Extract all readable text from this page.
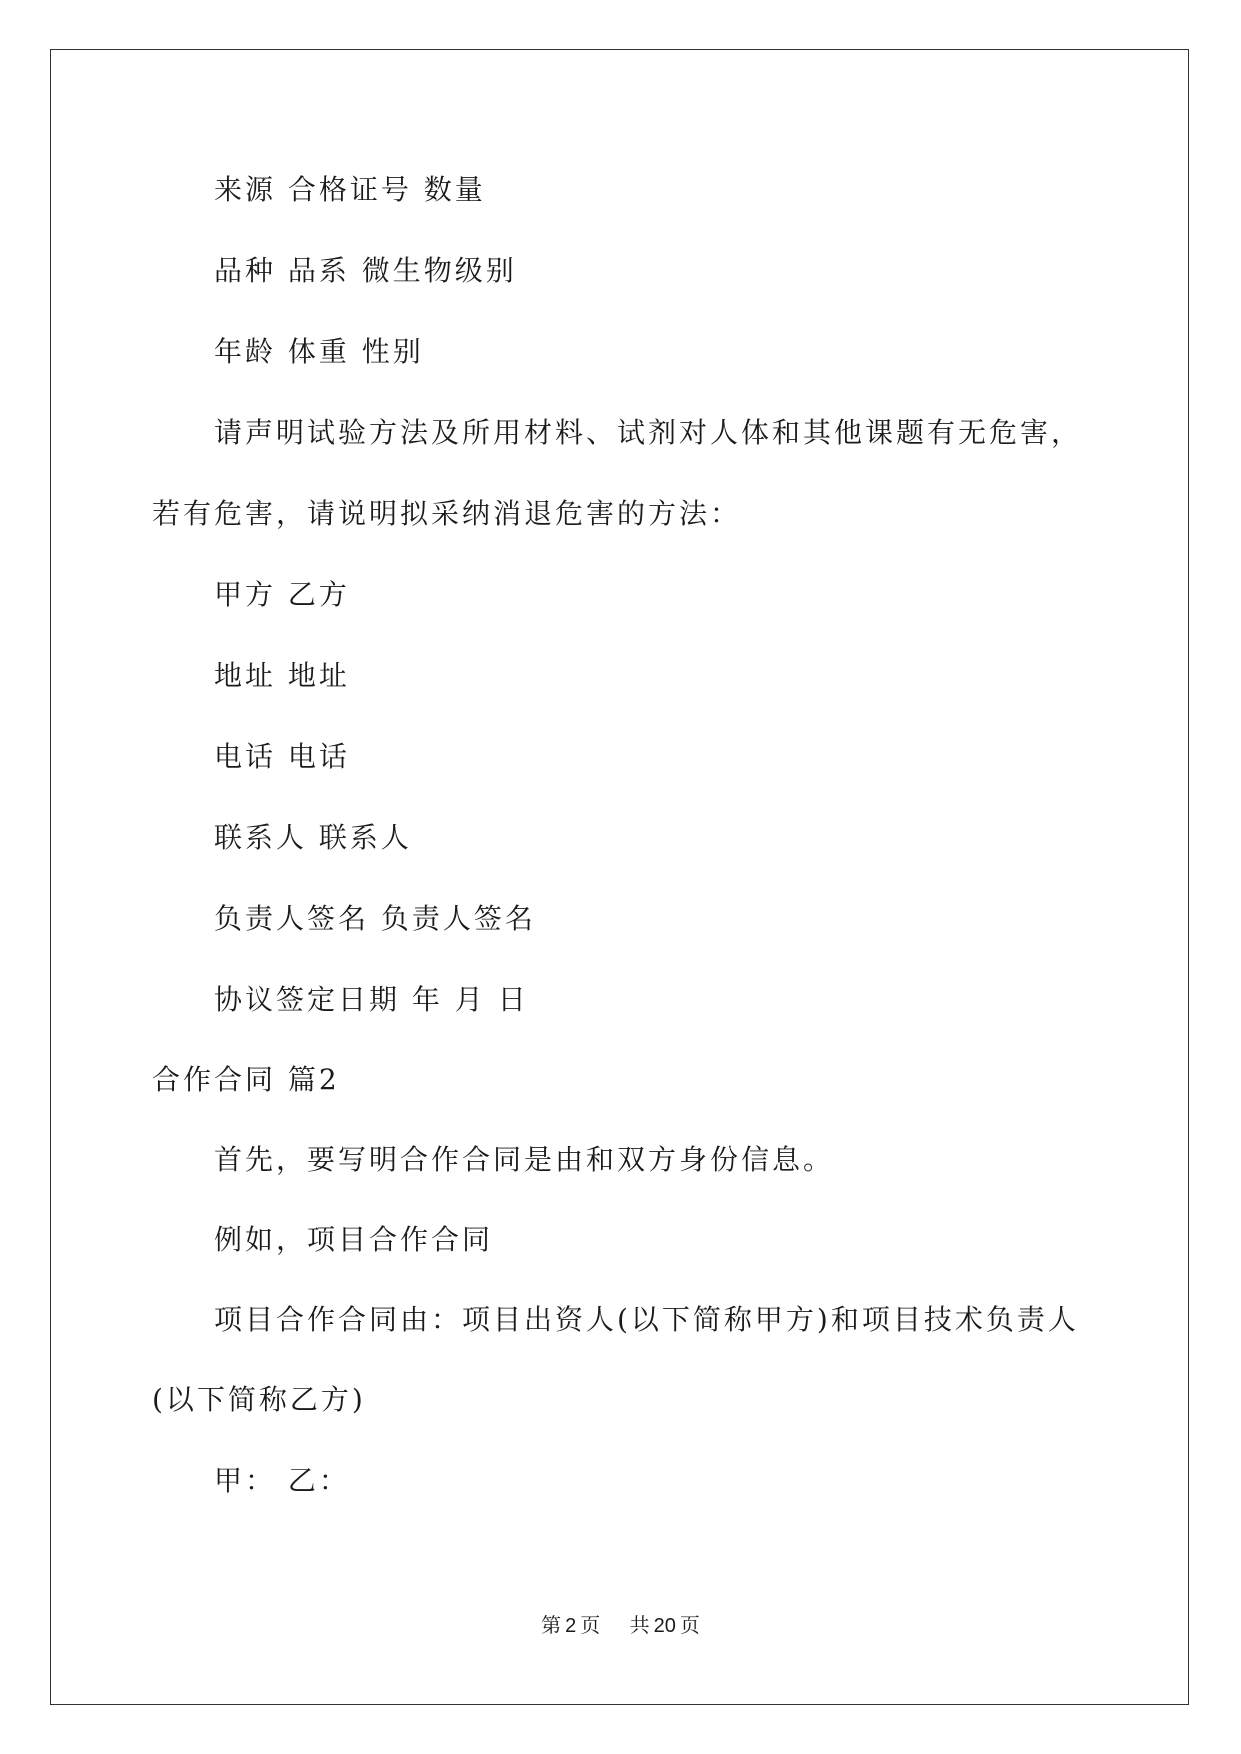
来源 合格证号 数量
品种 品系 微生物级别
年龄 体重 性别
请声明试验方法及所用材料、试剂对人体和其他课题有无危害，
若有危害，请说明拟采纳消退危害的方法：
甲方 乙方
地址 地址
电话 电话
联系人 联系人
负责人签名 负责人签名
协议签定日期 年 月 日
合作合同 篇2
首先，要写明合作合同是由和双方身份信息。
例如，项目合作合同
项目合作合同由：项目出资人(以下简称甲方)和项目技术负责人
(以下简称乙方)
甲： 乙：
第 2 页 共 20 页
